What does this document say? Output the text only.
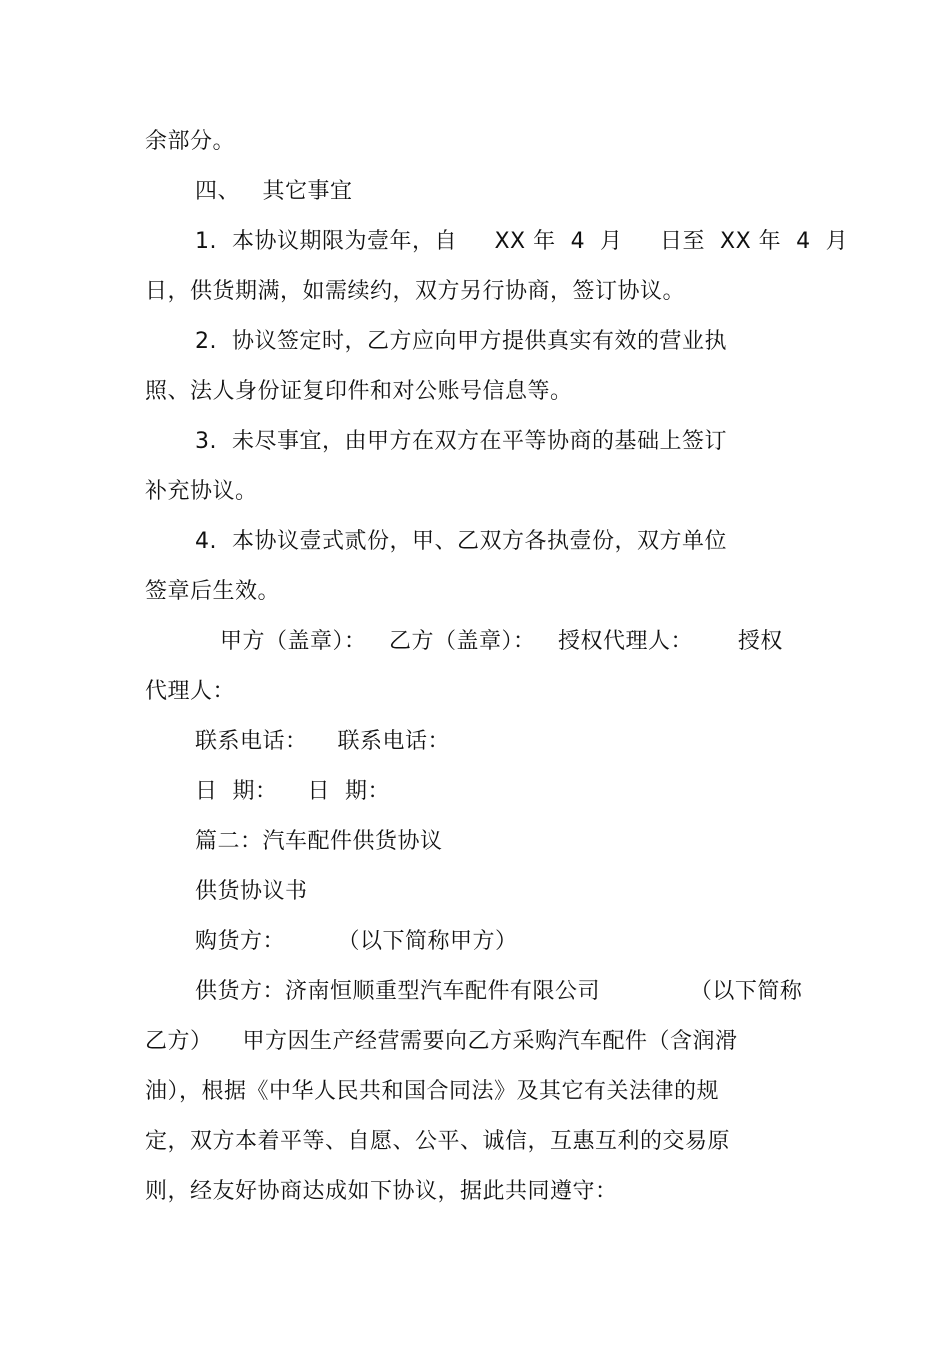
余部分。
四、   其它事宜
1.  本协议期限为壹年，自     XX 年  4  月     日至  XX 年  4  月
日，供货期满，如需续约，双方另行协商，签订协议。
2.  协议签定时，乙方应向甲方提供真实有效的营业执
照、法人身份证复印件和对公账号信息等。
3.  未尽事宜，由甲方在双方在平等协商的基础上签订
补充协议。
4.  本协议壹式贰份，甲、乙双方各执壹份，双方单位
签章后生效。
甲方（盖章）：   乙方（盖章）：   授权代理人：      授权
代理人：
联系电话：    联系电话：
日  期：    日  期：
篇二：汽车配件供货协议
供货协议书
购货方：       （以下简称甲方）
供货方：济南恒顺重型汽车配件有限公司            （以下简称
乙方）    甲方因生产经营需要向乙方采购汽车配件（含润滑
油），根据《中华人民共和国合同法》及其它有关法律的规
定，双方本着平等、自愿、公平、诚信，互惠互利的交易原
则，经友好协商达成如下协议，据此共同遵守：
